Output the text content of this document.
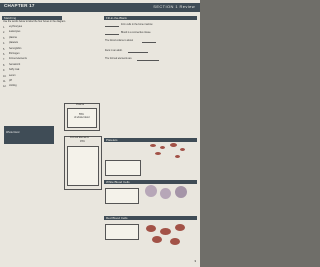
CHAPTER 17
Blood
SECTION 1 Review
Matching
Use the words below to label the four boxes in the diagram.
1. erythrocytes
2. leukocytes
3. plasma
4. platelets
5. hemoglobin
6. fibrinogen
7. formed elements
8. hematocrit
9. buffy coat
10. serum
11. pH
12. clotting
Fill-in-the-Blank
form cells in the bone marrow.
Blood is a connective tissue.
The blood volume is about
liters in an adult.
The formed elements are
Plasma
55%
of whole blood
Whole blood
Formed Elements
45%	Platelets
White Blood Cells
Red Blood Cells
3
